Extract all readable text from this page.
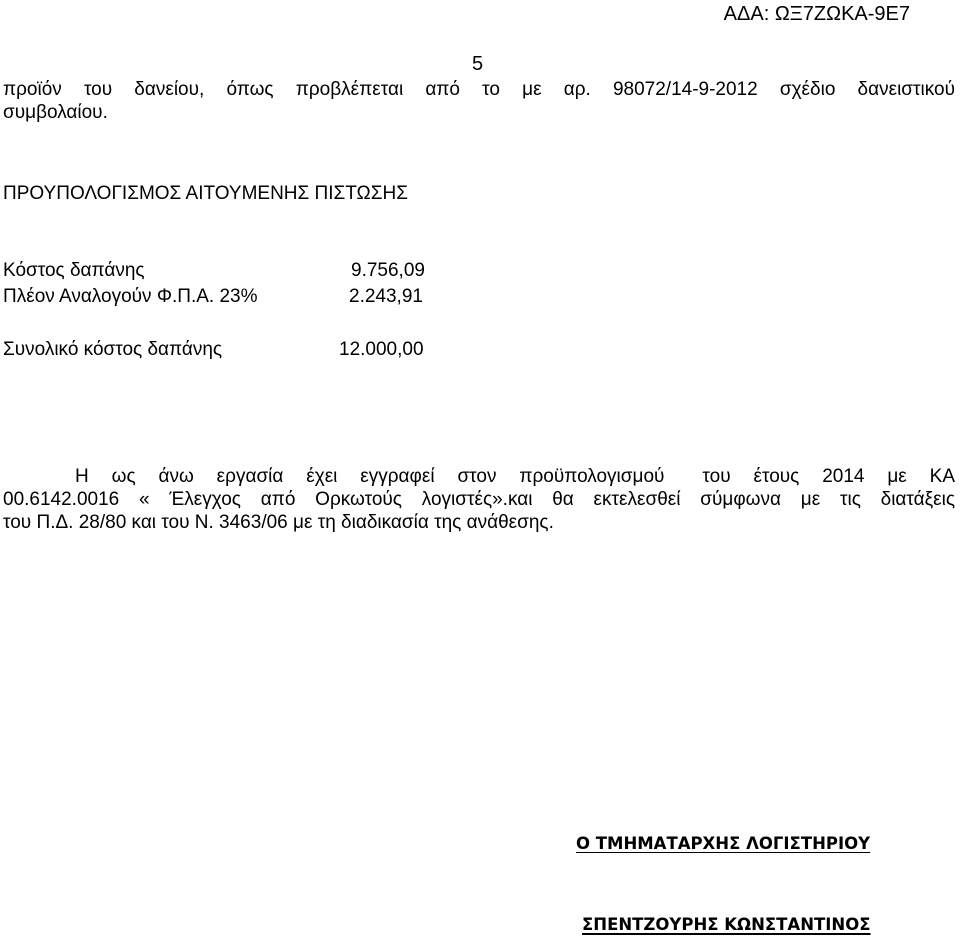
ΑΔΑ: ΩΞ7ΖΩΚΑ-9Ε7
5

προϊόν του δανείου, όπως προβλέπεται από το με αρ. 98072/14-9-2012 σχέδιο δανειστικού

συμβολαίου.

ΠΡΟΥΠΟΛΟΓΙΣΜΟΣ ΑΙΤΟΥΜΕΝΗΣ ΠΙΣΤΩΣΗΣ
Κόστος δαπάνης	9.756,09
Πλέον Αναλογούν Φ.Π.Α. 23%	2.243,91
Συνολικό κόστος δαπάνης	12.000,00

Η ως άνω εργασία έχει εγγραφεί στον προϋπολογισμού του έτους 2014 με ΚΑ

00.6142.0016 « Έλεγχος από Ορκωτούς λογιστές».και θα εκτελεσθεί σύμφωνα με τις διατάξεις

του Π.Δ. 28/80 και του Ν. 3463/06 με τη διαδικασία της ανάθεσης.

Ο ΤΜΗΜΑΤΑΡΧΗΣ ΛΟΓΙΣΤΗΡΙΟΥ
ΣΠΕΝΤΖΟΥΡΗΣ ΚΩΝΣΤΑΝΤΙΝΟΣ
